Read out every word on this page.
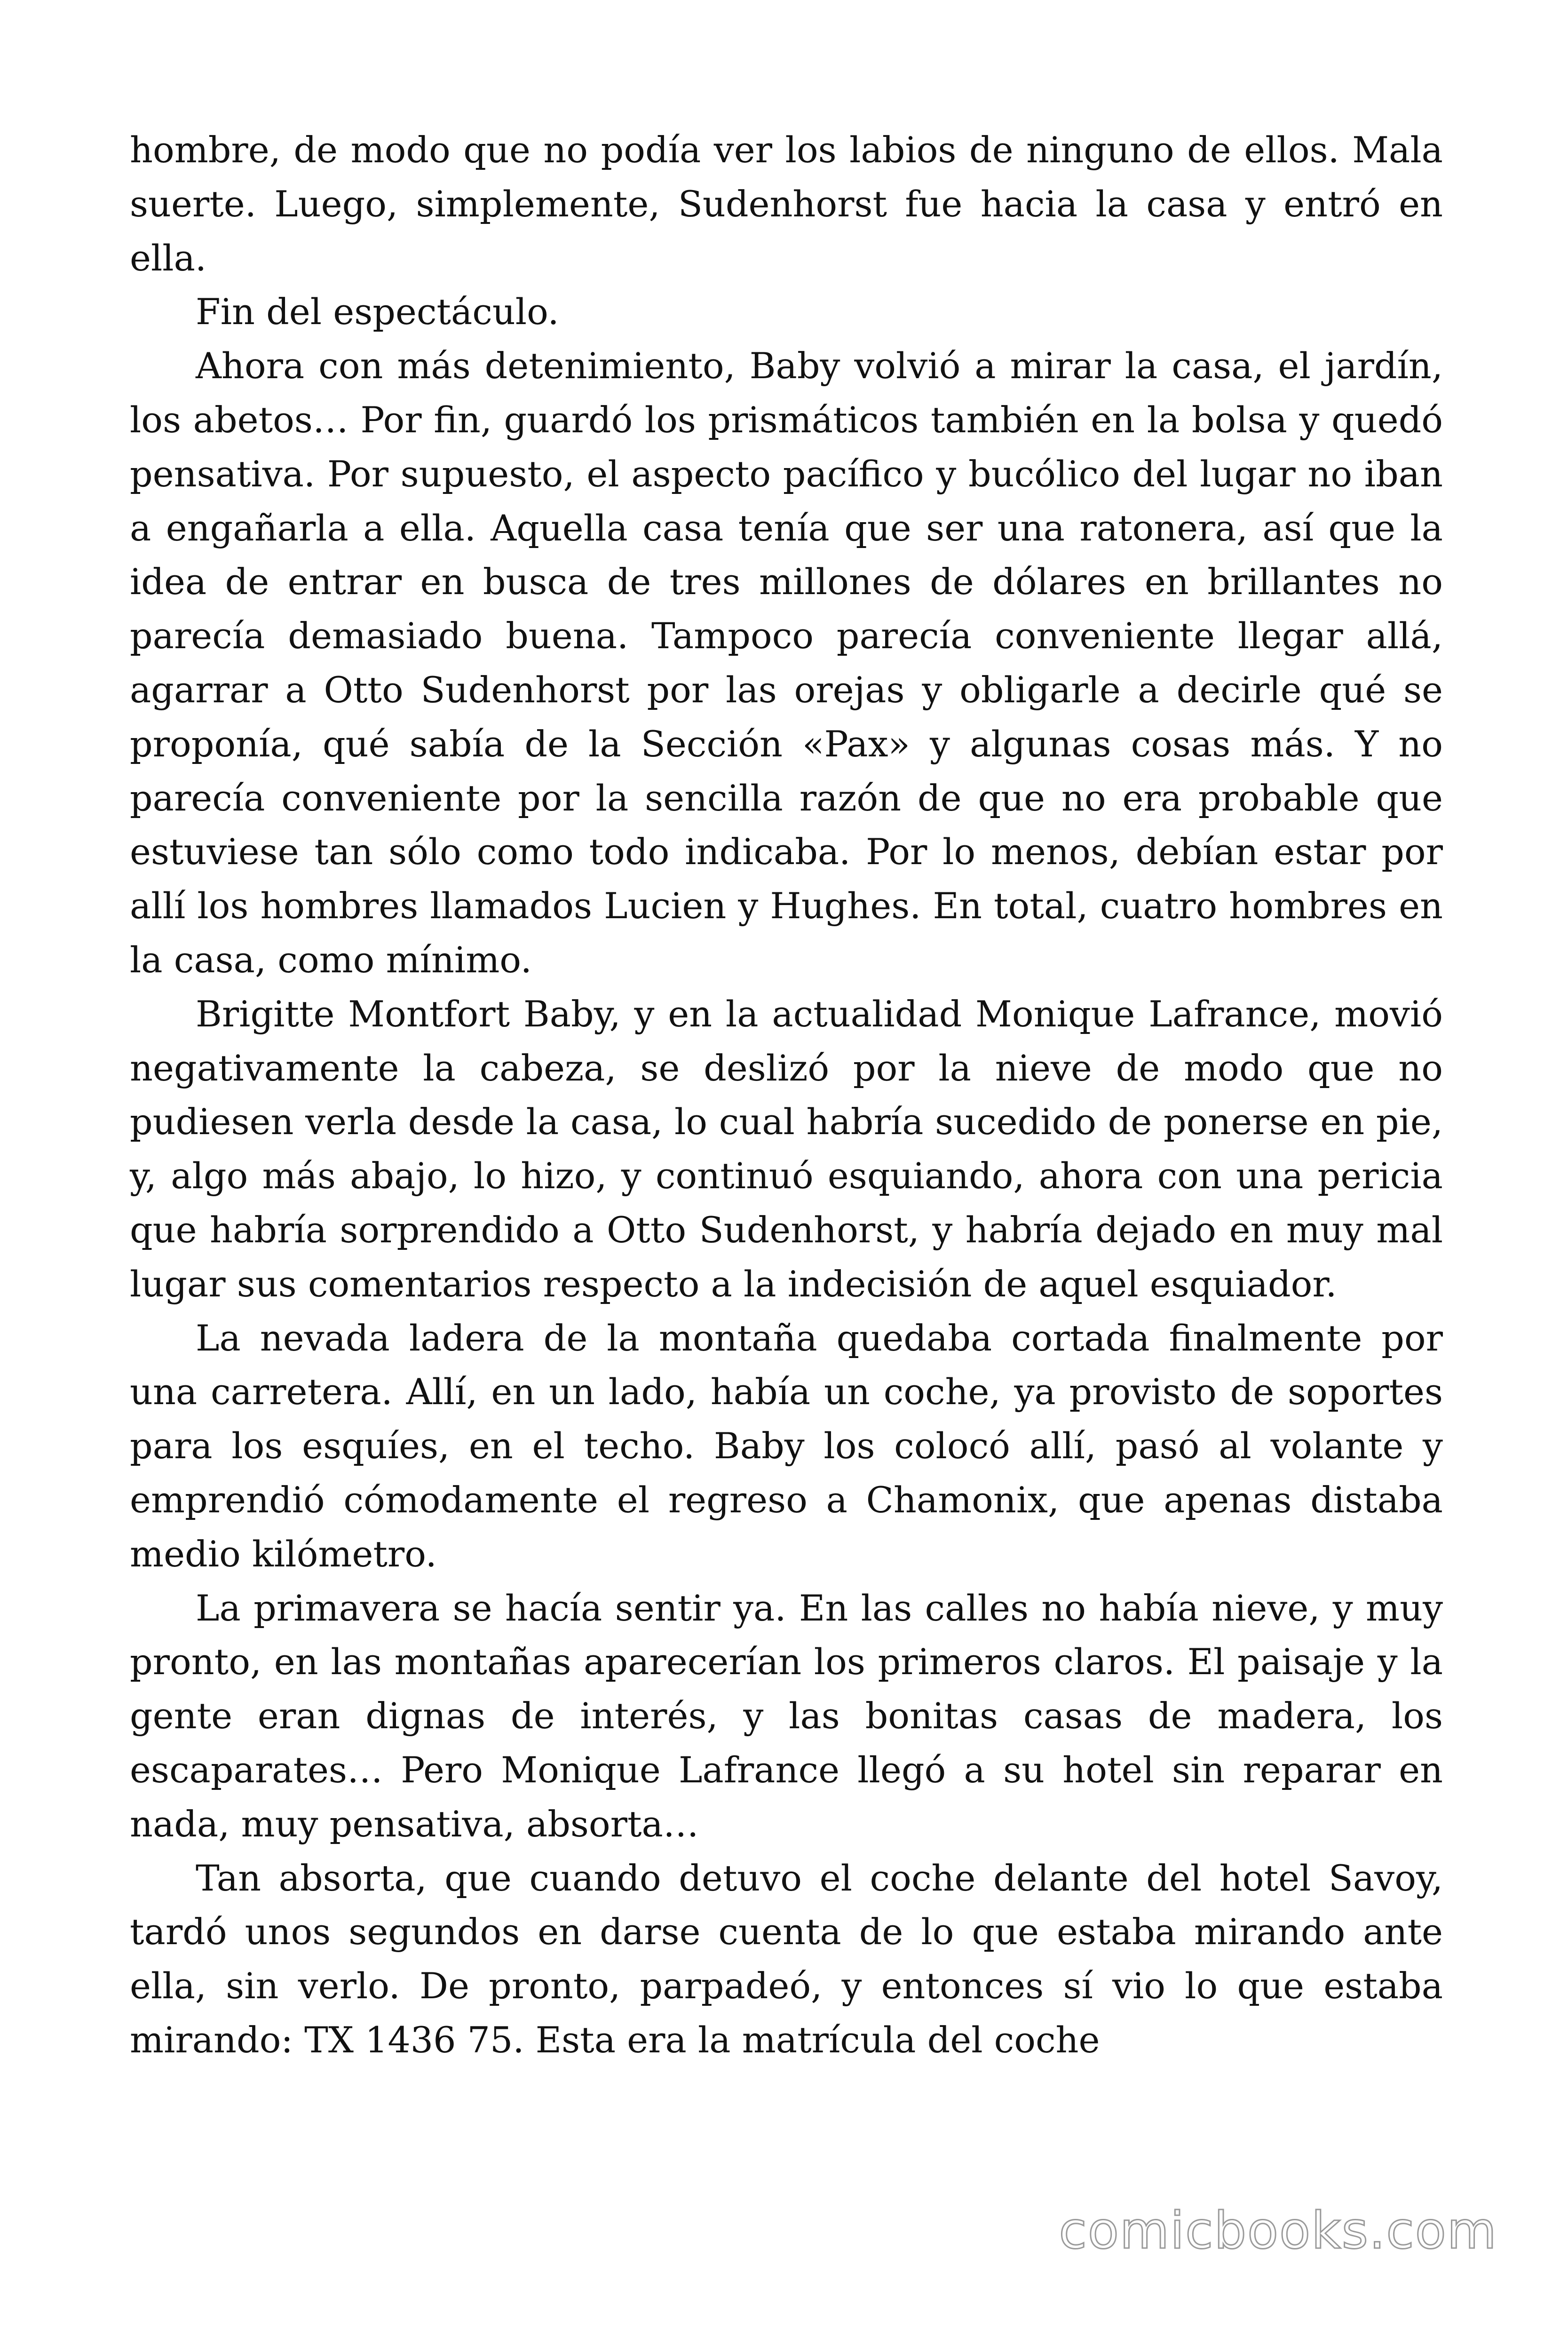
hombre, de modo que no podía ver los labios de ninguno de ellos. Mala suerte. Luego, simplemente, Sudenhorst fue hacia la casa y entró en ella.

Fin del espectáculo.

Ahora con más detenimiento, Baby volvió a mirar la casa, el jardín, los abetos… Por fin, guardó los prismáticos también en la bolsa y quedó pensativa. Por supuesto, el aspecto pacífico y bucólico del lugar no iban a engañarla a ella. Aquella casa tenía que ser una ratonera, así que la idea de entrar en busca de tres millones de dólares en brillantes no parecía demasiado buena. Tampoco parecía conveniente llegar allá, agarrar a Otto Sudenhorst por las orejas y obligarle a decirle qué se proponía, qué sabía de la Sección «Pax» y algunas cosas más. Y no parecía conveniente por la sencilla razón de que no era probable que estuviese tan sólo como todo indicaba. Por lo menos, debían estar por allí los hombres llamados Lucien y Hughes. En total, cuatro hombres en la casa, como mínimo.

Brigitte Montfort Baby, y en la actualidad Monique Lafrance, movió negativamente la cabeza, se deslizó por la nieve de modo que no pudiesen verla desde la casa, lo cual habría sucedido de ponerse en pie, y, algo más abajo, lo hizo, y continuó esquiando, ahora con una pericia que habría sorprendido a Otto Sudenhorst, y habría dejado en muy mal lugar sus comentarios respecto a la indecisión de aquel esquiador.

La nevada ladera de la montaña quedaba cortada finalmente por una carretera. Allí, en un lado, había un coche, ya provisto de soportes para los esquíes, en el techo. Baby los colocó allí, pasó al volante y emprendió cómodamente el regreso a Chamonix, que apenas distaba medio kilómetro.

La primavera se hacía sentir ya. En las calles no había nieve, y muy pronto, en las montañas aparecerían los primeros claros. El paisaje y la gente eran dignas de interés, y las bonitas casas de madera, los escaparates… Pero Monique Lafrance llegó a su hotel sin reparar en nada, muy pensativa, absorta…

Tan absorta, que cuando detuvo el coche delante del hotel Savoy, tardó unos segundos en darse cuenta de lo que estaba mirando ante ella, sin verlo. De pronto, parpadeó, y entonces sí vio lo que estaba mirando: TX 1436 75. Esta era la matrícula del coche

comicbooks.com
